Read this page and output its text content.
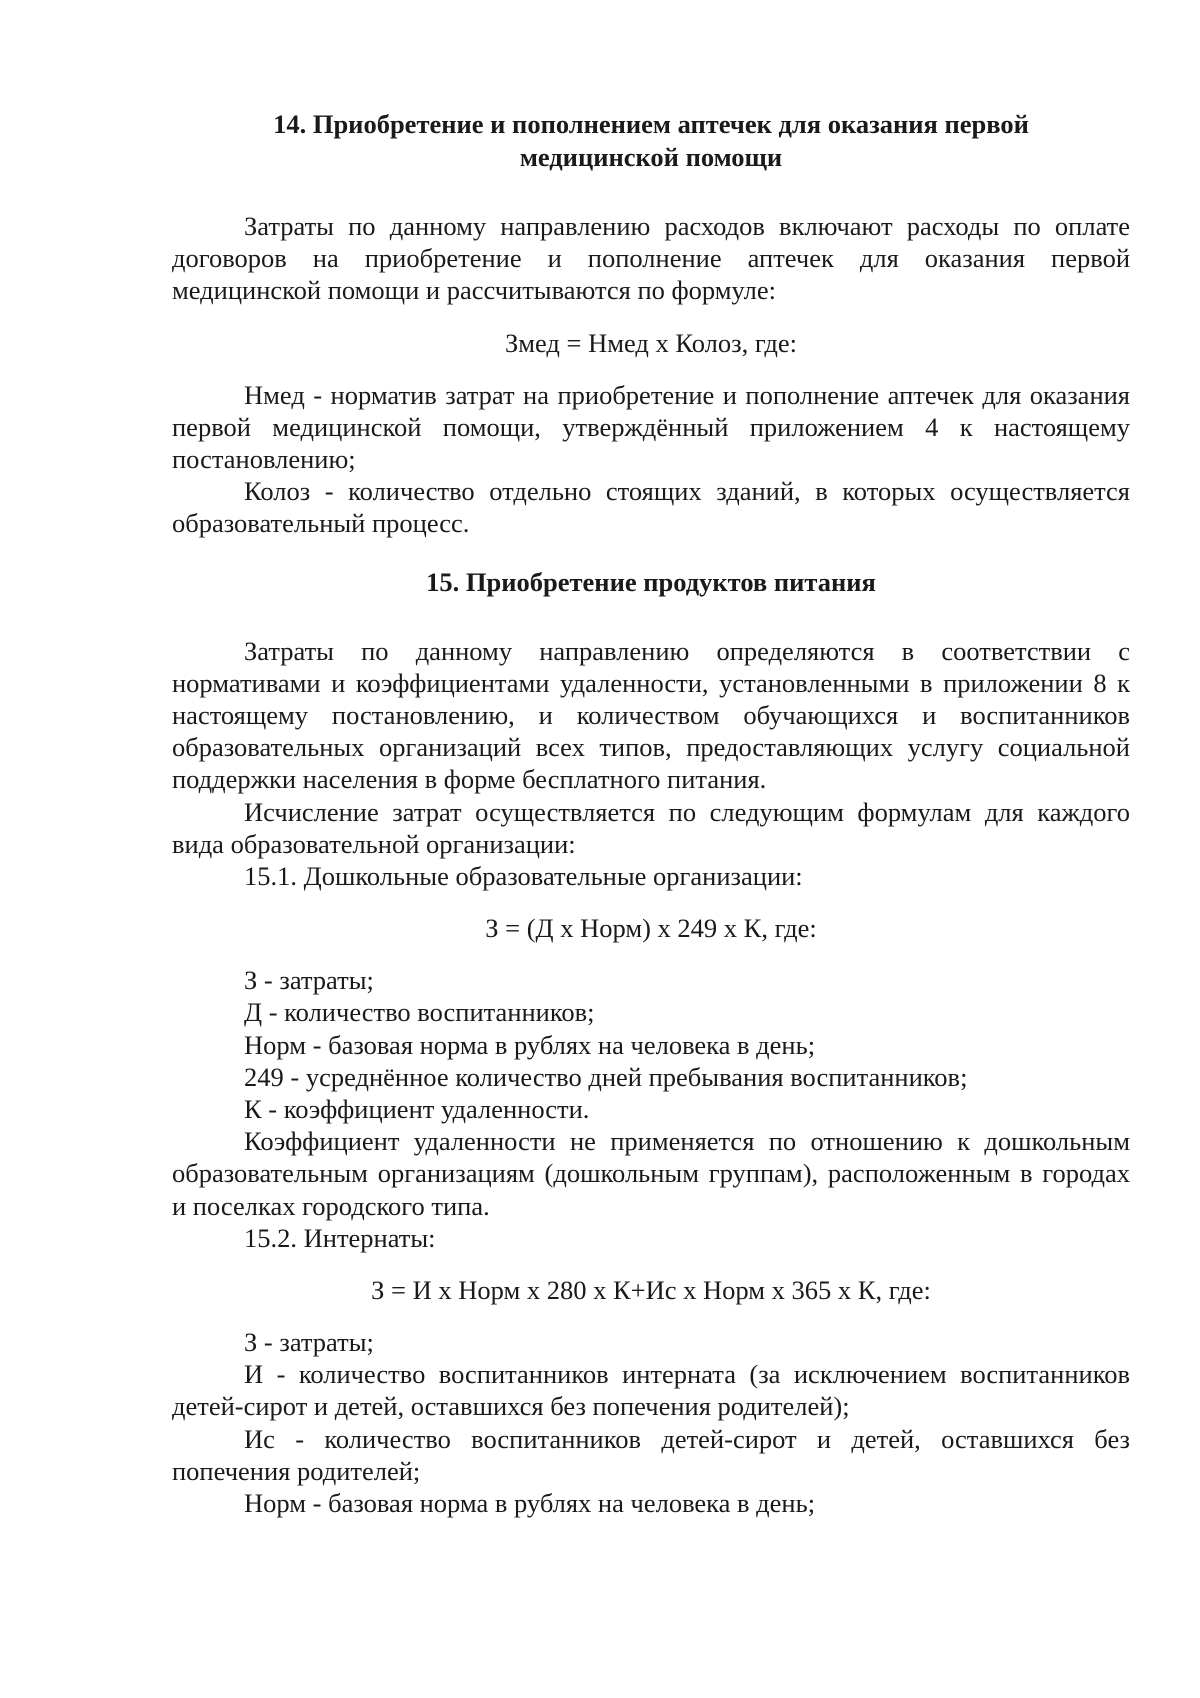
14. Приобретение и пополнением аптечек для оказания первой

медицинской помощи

Затраты по данному направлению расходов включают расходы по оплате договоров на приобретение и пополнение аптечек для оказания первой медицинской помощи и рассчитываются по формуле:

Змед = Нмед х Колоз, где:

Нмед - норматив затрат на приобретение и пополнение аптечек для оказания первой медицинской помощи, утверждённый приложением 4 к настоящему постановлению;

Колоз - количество отдельно стоящих зданий, в которых осуществляется образовательный процесс.

15. Приобретение продуктов питания

Затраты по данному направлению определяются в соответствии с нормативами и коэффициентами удаленности, установленными в приложении 8 к настоящему постановлению, и количеством обучающихся и воспитанников образовательных организаций всех типов, предоставляющих услугу социальной поддержки населения в форме бесплатного питания.

Исчисление затрат осуществляется по следующим формулам для каждого вида образовательной организации:

15.1. Дошкольные образовательные организации:

З = (Д х Норм) х 249 х К, где:

З - затраты;

Д - количество воспитанников;

Норм - базовая норма в рублях на человека в день;

249 - усреднённое количество дней пребывания воспитанников;

К - коэффициент удаленности.

Коэффициент удаленности не применяется по отношению к дошкольным образовательным организациям (дошкольным группам), расположенным в городах и поселках городского типа.

15.2. Интернаты:

З = И х Норм х 280 х К+Ис х Норм х 365 х К, где:

З - затраты;

И - количество воспитанников интерната (за исключением воспитанников детей-сирот и детей, оставшихся без попечения родителей);

Ис - количество воспитанников детей-сирот и детей, оставшихся без попечения родителей;

Норм - базовая норма в рублях на человека в день;
